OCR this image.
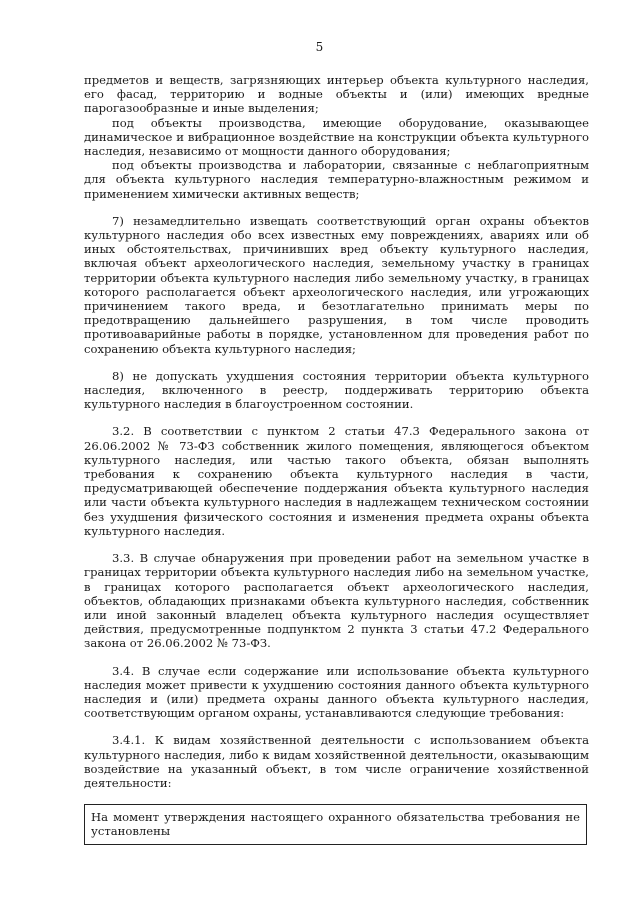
5

предметов и веществ, загрязняющих интерьер объекта культурного наследия, его фасад, территорию и водные объекты и (или) имеющих вредные парогазообразные и иные выделения;

под объекты производства, имеющие оборудование, оказывающее динамическое и вибрационное воздействие на конструкции объекта культурного наследия, независимо от мощности данного оборудования;

под объекты производства и лаборатории, связанные с неблагоприятным для объекта культурного наследия температурно-влажностным режимом и применением химически активных веществ;

7) незамедлительно извещать соответствующий орган охраны объектов культурного наследия обо всех известных ему повреждениях, авариях или об иных обстоятельствах, причинивших вред объекту культурного наследия, включая объект археологического наследия, земельному участку в границах территории объекта культурного наследия либо земельному участку, в границах которого располагается объект археологического наследия, или угрожающих причинением такого вреда, и безотлагательно принимать меры по предотвращению дальнейшего разрушения, в том числе проводить противоаварийные работы в порядке, установленном для проведения работ по сохранению объекта культурного наследия;

8) не допускать ухудшения состояния территории объекта культурного наследия, включенного в реестр, поддерживать территорию объекта культурного наследия в благоустроенном состоянии.

3.2. В соответствии с пунктом 2 статьи 47.3 Федерального закона от 26.06.2002 № 73-ФЗ собственник жилого помещения, являющегося объектом культурного наследия, или частью такого объекта, обязан выполнять требования к сохранению объекта культурного наследия в части, предусматривающей обеспечение поддержания объекта культурного наследия или части объекта культурного наследия в надлежащем техническом состоянии без ухудшения физического состояния и изменения предмета охраны объекта культурного наследия.

3.3. В случае обнаружения при проведении работ на земельном участке в границах территории объекта культурного наследия либо на земельном участке, в границах которого располагается объект археологического наследия, объектов, обладающих признаками объекта культурного наследия, собственник или иной законный владелец объекта культурного наследия осуществляет действия, предусмотренные подпунктом 2 пункта 3 статьи 47.2 Федерального закона от 26.06.2002 № 73-ФЗ.

3.4. В случае если содержание или использование объекта культурного наследия может привести к ухудшению состояния данного объекта культурного наследия и (или) предмета охраны данного объекта культурного наследия, соответствующим органом охраны, устанавливаются следующие требования:

3.4.1. К видам хозяйственной деятельности с использованием объекта культурного наследия, либо к видам хозяйственной деятельности, оказывающим воздействие на указанный объект, в том числе ограничение хозяйственной деятельности:

На момент утверждения настоящего охранного обязательства требования не установлены
